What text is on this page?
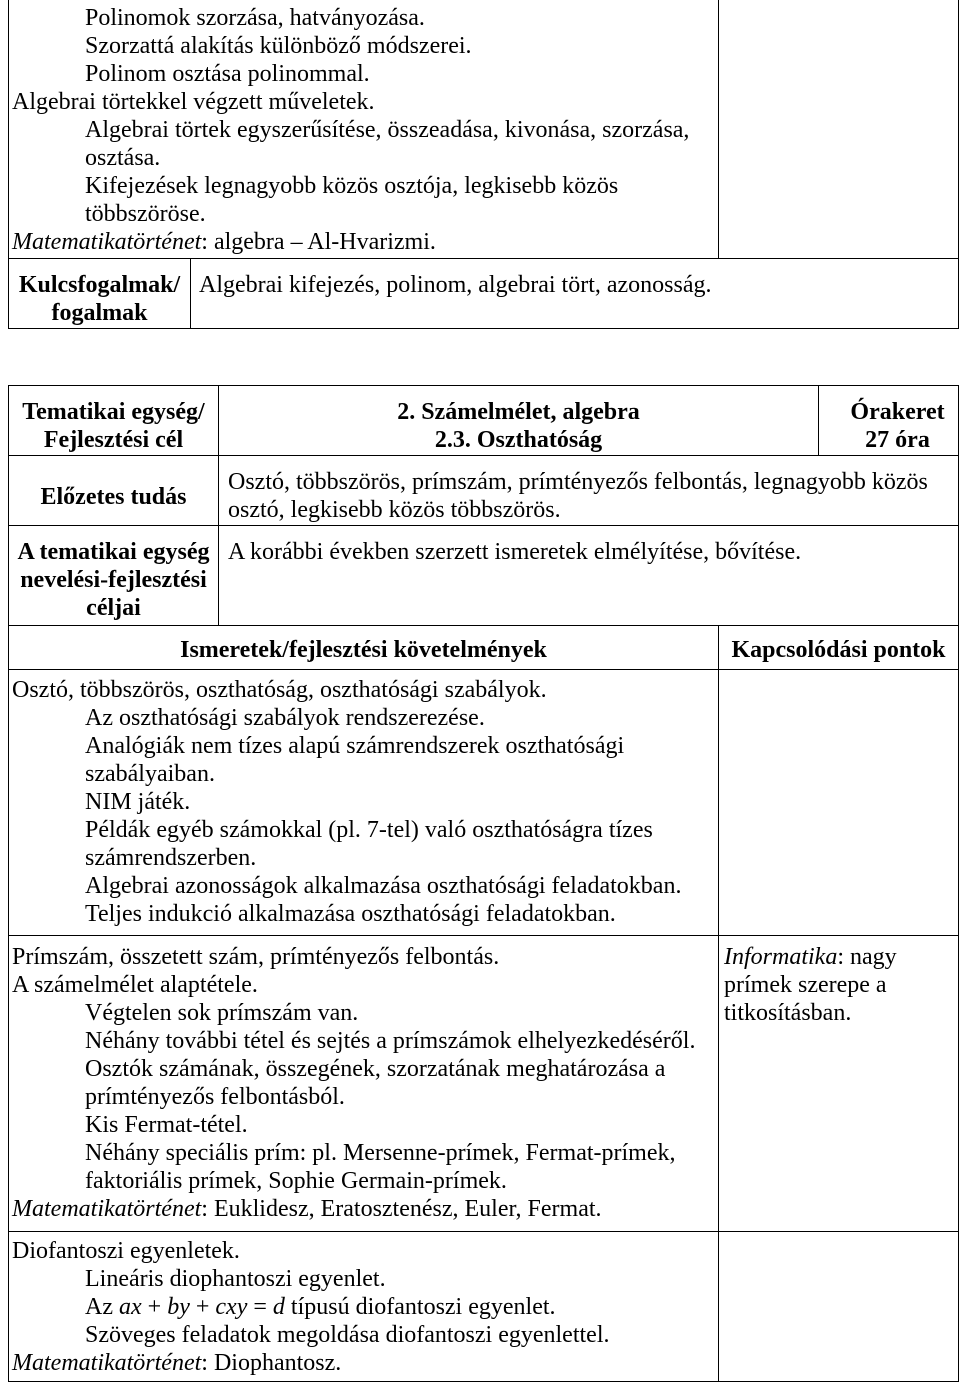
Polinomok szorzása, hatványozása.
Szorzattá alakítás különböző módszerei.
Polinom osztása polinommal.
Algebrai törtekkel végzett műveletek.
Algebrai törtek egyszerűsítése, összeadása, kivonása, szorzása,
osztása.
Kifejezések legnagyobb közös osztója, legkisebb közös
többszöröse.
Matematikatörténet: algebra – Al-Hvarizmi.
Kulcsfogalmak/
fogalmak
Algebrai kifejezés, polinom, algebrai tört, azonosság.
Tematikai egység/
Fejlesztési cél
2. Számelmélet, algebra
2.3. Oszthatóság
Órakeret
27 óra
Előzetes tudás
Osztó, többszörös, prímszám, prímtényezős felbontás, legnagyobb közös
osztó, legkisebb közös többszörös.
A tematikai egység
nevelési-fejlesztési
céljai
A korábbi években szerzett ismeretek elmélyítése, bővítése.
Ismeretek/fejlesztési követelmények	Kapcsolódási pontok
Osztó, többszörös, oszthatóság, oszthatósági szabályok.
Az oszthatósági szabályok rendszerezése.
Analógiák nem tízes alapú számrendszerek oszthatósági
szabályaiban.
NIM játék.
Példák egyéb számokkal (pl. 7-tel) való oszthatóságra tízes
számrendszerben.
Algebrai azonosságok alkalmazása oszthatósági feladatokban.
Teljes indukció alkalmazása oszthatósági feladatokban.
Prímszám, összetett szám, prímtényezős felbontás.
A számelmélet alaptétele.
Végtelen sok prímszám van.
Néhány további tétel és sejtés a prímszámok elhelyezkedéséről.
Osztók számának, összegének, szorzatának meghatározása a
prímtényezős felbontásból.
Kis Fermat-tétel.
Néhány speciális prím: pl. Mersenne-prímek, Fermat-prímek,
faktoriális prímek, Sophie Germain-prímek.
Matematikatörténet: Euklidesz, Eratosztenész, Euler, Fermat.
Informatika: nagy
prímek szerepe a
titkosításban.
Diofantoszi egyenletek.
Lineáris diophantoszi egyenlet.
Az ax + by + cxy = d típusú diofantoszi egyenlet.
Szöveges feladatok megoldása diofantoszi egyenlettel.
Matematikatörténet: Diophantosz.
